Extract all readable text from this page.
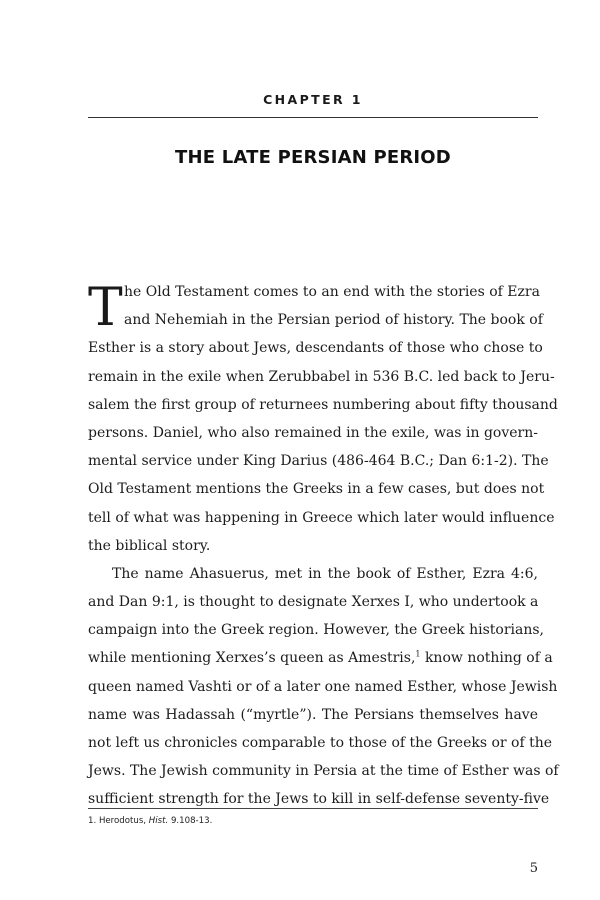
CHAPTER 1

THE LATE PERSIAN PERIOD
T he Old Testament comes to an end with the stories of Ezra
and Nehemiah in the Persian period of history. The book of
Esther is a story about Jews, descendants of those who chose to
remain in the exile when Zerubbabel in 536 B.C. led back to Jeru-
salem the first group of returnees numbering about fifty thousand
persons. Daniel, who also remained in the exile, was in govern-
mental service under King Darius (486-464 B.C.; Dan 6:1-2). The
Old Testament mentions the Greeks in a few cases, but does not
tell of what was happening in Greece which later would influence
the biblical story.
The name Ahasuerus, met in the book of Esther, Ezra 4:6,
and Dan 9:1, is thought to designate Xerxes I, who undertook a
campaign into the Greek region. However, the Greek historians,
while mentioning Xerxes’s queen as Amestris,$^1$ know nothing of a
queen named Vashti or of a later one named Esther, whose Jewish
name was Hadassah (“myrtle”). The Persians themselves have
not left us chronicles comparable to those of the Greeks or of the
Jews. The Jewish community in Persia at the time of Esther was of
sufficient strength for the Jews to kill in self-defense seventy-five

1. Herodotus, Hist. 9.108-13.

5
